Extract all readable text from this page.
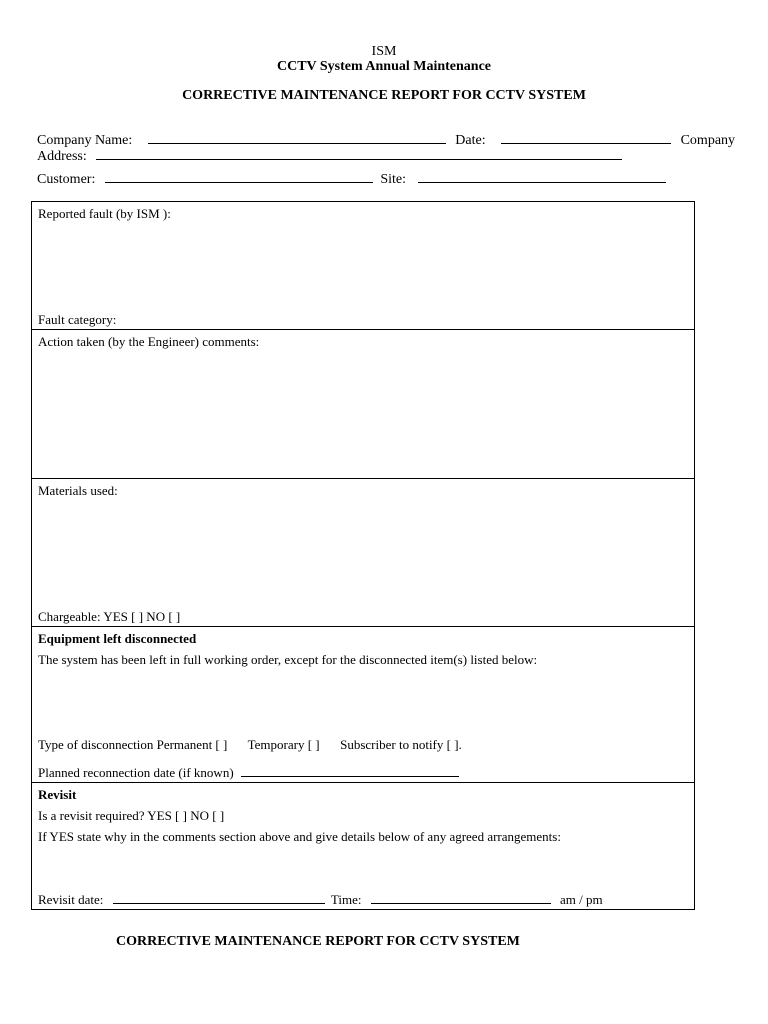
ISM
CCTV System Annual Maintenance
CORRECTIVE MAINTENANCE REPORT FOR CCTV SYSTEM
Company Name:	Date:	Company
Address:
Customer:	Site:
Reported fault (by ISM ):
Fault category:
Action taken (by the Engineer) comments:
Materials used:
Chargeable: YES [ ] NO [ ]
Equipment left disconnected
The system has been left in full working order, except for the disconnected item(s) listed below:
Type of disconnection Permanent [ ] Temporary [ ] Subscriber to notify [ ].
Planned reconnection date (if known)
Revisit
Is a revisit required? YES [ ] NO [ ]
If YES state why in the comments section above and give details below of any agreed arrangements:
Revisit date:	Time:	am / pm
CORRECTIVE MAINTENANCE REPORT FOR CCTV SYSTEM
